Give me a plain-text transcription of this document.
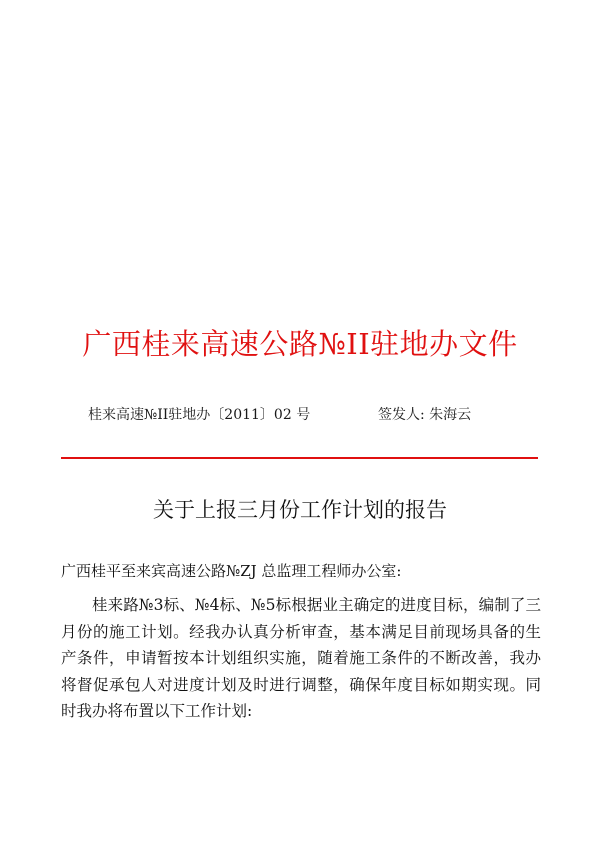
广西桂来高速公路№II驻地办文件
桂来高速№II驻地办〔2011〕02 号	签发人: 朱海云
关于上报三月份工作计划的报告
广西桂平至来宾高速公路№ZJ 总监理工程师办公室:

桂来路№3标、№4标、№5标根据业主确定的进度目标，编制了三月份的施工计划。经我办认真分析审查，基本满足目前现场具备的生产条件，申请暂按本计划组织实施，随着施工条件的不断改善，我办将督促承包人对进度计划及时进行调整，确保年度目标如期实现。同时我办将布置以下工作计划:
